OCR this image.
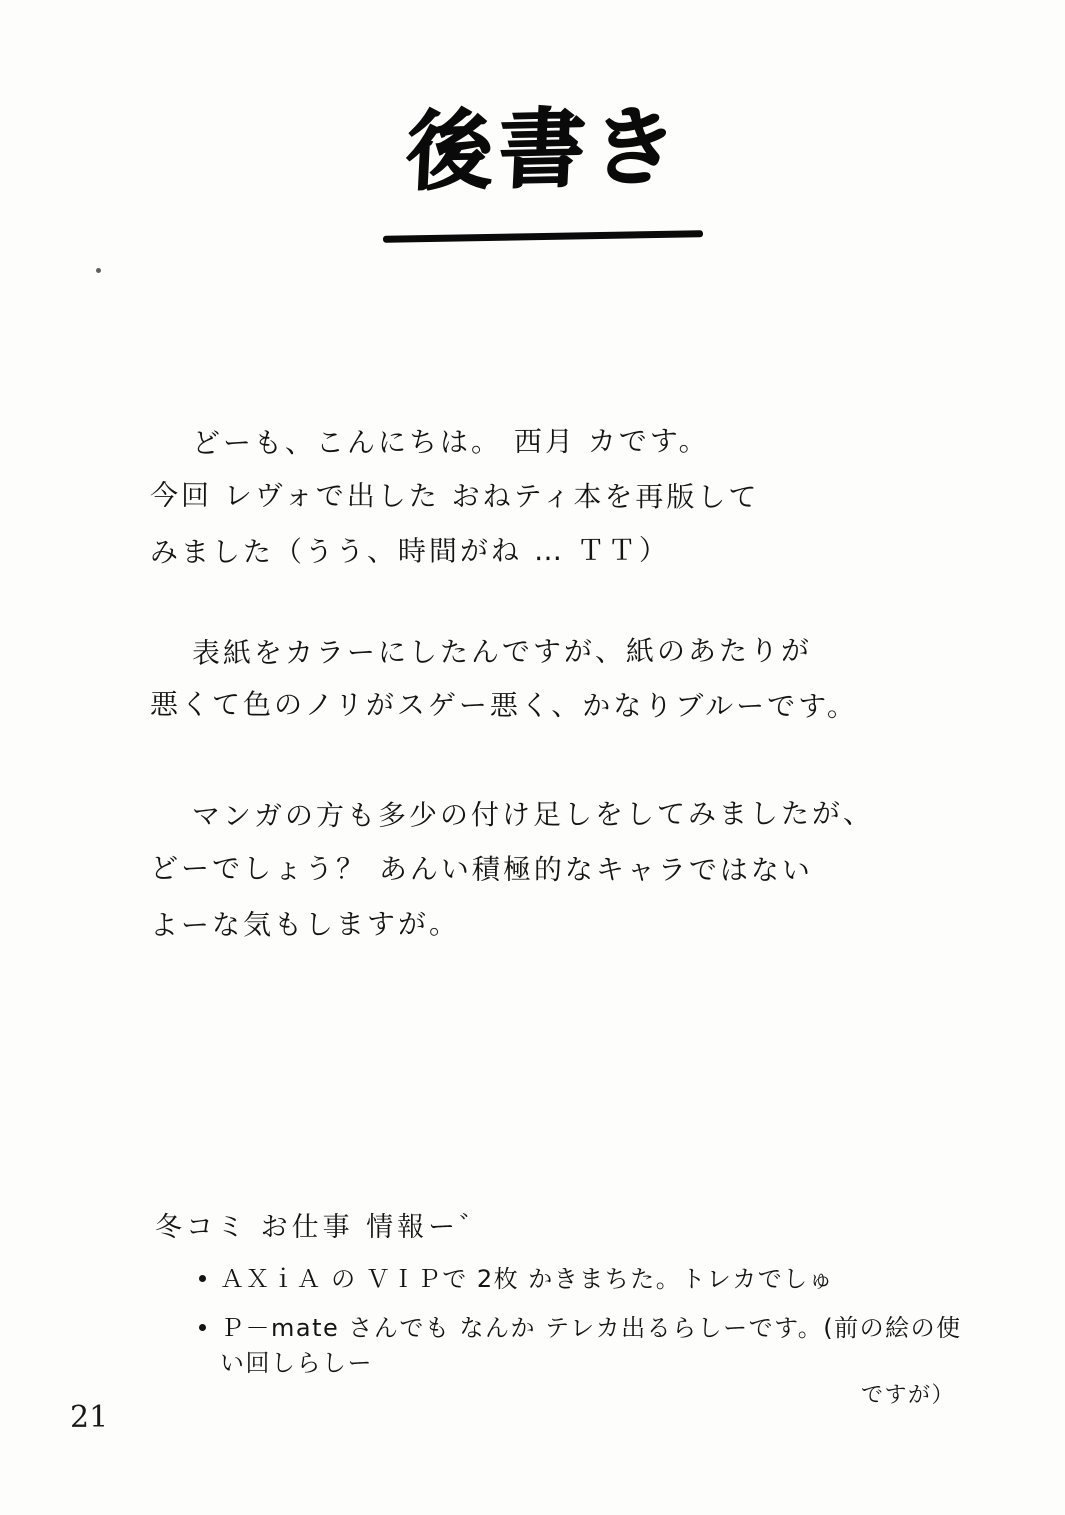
後書き
どーも、こんにちは。 西月 カです。
今回 レヴォで出した おねティ本を再版して
みました（うう、時間がね … ＴＴ）
表紙をカラーにしたんですが、紙のあたりが
悪くて色のノリがスゲー悪く、かなりブルーです。
マンガの方も多少の付け足しをしてみましたが、
どーでしょう？ あんい積極的なキャラではない
よーな気もしますが。
冬コミ お仕事 情報ー゛
ＡＸｉＡ の ＶＩＰで 2枚 かきまちた。トレカでしゅ
Ｐ－mate さんでも なんか テレカ出るらしーです。(前の絵の使い回しらしー
ですが）
21
